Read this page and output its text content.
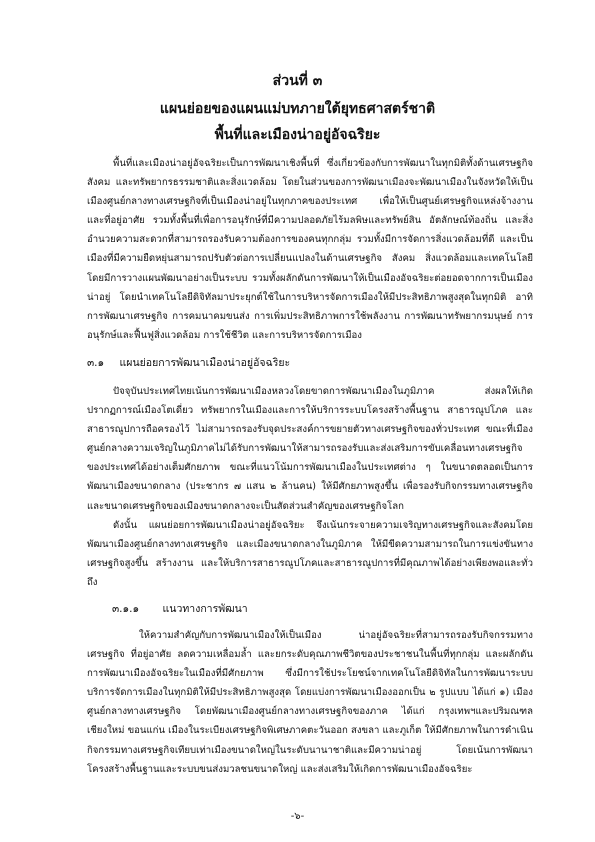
ส่วนที่ ๓
แผนย่อยของแผนแม่บทภายใต้ยุทธศาสตร์ชาติ
พื้นที่และเมืองน่าอยู่อัจฉริยะ

พื้นที่และเมืองน่าอยู่อัจฉริยะเป็นการพัฒนาเชิงพื้นที่ ซึ่งเกี่ยวข้องกับการพัฒนาในทุกมิติทั้งด้านเศรษฐกิจ สังคม และทรัพยากรธรรมชาติและสิ่งแวดล้อม โดยในส่วนของการพัฒนาเมืองจะพัฒนาเมืองในจังหวัดให้เป็นเมืองศูนย์กลางทางเศรษฐกิจที่เป็นเมืองน่าอยู่ในทุกภาคของประเทศ เพื่อให้เป็นศูนย์เศรษฐกิจแหล่งจ้างงาน และที่อยู่อาศัย รวมทั้งพื้นที่เพื่อการอนุรักษ์ที่มีความปลอดภัยไร้มลพิษและทรัพย์สิน อัตลักษณ์ท้องถิ่น และสิ่งอำนวยความสะดวกที่สามารถรองรับความต้องการของคนทุกกลุ่ม รวมทั้งมีการจัดการสิ่งแวดล้อมที่ดี และเป็นเมืองที่มีความยืดหยุ่นสามารถปรับตัวต่อการเปลี่ยนแปลงในด้านเศรษฐกิจ สังคม สิ่งแวดล้อมและเทคโนโลยี โดยมีการวางแผนพัฒนาอย่างเป็นระบบ รวมทั้งผลักดันการพัฒนาให้เป็นเมืองอัจฉริยะต่อยอดจากการเป็นเมืองน่าอยู่ โดยนำเทคโนโลยีดิจิทัลมาประยุกต์ใช้ในการบริหารจัดการเมืองให้มีประสิทธิภาพสูงสุดในทุกมิติ อาทิ การพัฒนาเศรษฐกิจ การคมนาคมขนส่ง การเพิ่มประสิทธิภาพการใช้พลังงาน การพัฒนาทรัพยากรมนุษย์ การอนุรักษ์และฟื้นฟูสิ่งแวดล้อม การใช้ชีวิต และการบริหารจัดการเมือง

๓.๑ แผนย่อยการพัฒนาเมืองน่าอยู่อัจฉริยะ

ปัจจุบันประเทศไทยเน้นการพัฒนาเมืองหลวงโดยขาดการพัฒนาเมืองในภูมิภาค ส่งผลให้เกิดปรากฏการณ์เมืองโตเดี่ยว ทรัพยากรในเมืองและการให้บริการระบบโครงสร้างพื้นฐาน สาธารณูปโภค และสาธารณูปการถือครองไว้ ไม่สามารถรองรับจุดประสงค์การขยายตัวทางเศรษฐกิจของทั่วประเทศ ขณะที่เมืองศูนย์กลางความเจริญในภูมิภาคไม่ได้รับการพัฒนาให้สามารถรองรับและส่งเสริมการขับเคลื่อนทางเศรษฐกิจของประเทศได้อย่างเต็มศักยภาพ ขณะที่แนวโน้มการพัฒนาเมืองในประเทศต่าง ๆ ในขนาดตลอดเป็นการพัฒนาเมืองขนาดกลาง (ประชากร ๗ แสน ๒ ล้านคน) ให้มีศักยภาพสูงขึ้น เพื่อรองรับกิจกรรมทางเศรษฐกิจ และขนาดเศรษฐกิจของเมืองขนาดกลางจะเป็นสัดส่วนสำคัญของเศรษฐกิจโลก

ดังนั้น แผนย่อยการพัฒนาเมืองน่าอยู่อัจฉริยะ จึงเน้นกระจายความเจริญทางเศรษฐกิจและสังคมโดยพัฒนาเมืองศูนย์กลางทางเศรษฐกิจ และเมืองขนาดกลางในภูมิภาค ให้มีขีดความสามารถในการแข่งขันทางเศรษฐกิจสูงขึ้น สร้างงาน และให้บริการสาธารณูปโภคและสาธารณูปการที่มีคุณภาพได้อย่างเพียงพอและทั่วถึง

๓.๑.๑ แนวทางการพัฒนา

ให้ความสำคัญกับการพัฒนาเมืองให้เป็นเมือง น่าอยู่อัจฉริยะที่สามารถรองรับกิจกรรมทางเศรษฐกิจ ที่อยู่อาศัย ลดความเหลื่อมล้ำ และยกระดับคุณภาพชีวิตของประชาชนในพื้นที่ทุกกลุ่ม และผลักดันการพัฒนาเมืองอัจฉริยะในเมืองที่มีศักยภาพ ซึ่งมีการใช้ประโยชน์จากเทคโนโลยีดิจิทัลในการพัฒนาระบบบริการจัดการเมืองในทุกมิติให้มีประสิทธิภาพสูงสุด โดยแบ่งการพัฒนาเมืองออกเป็น ๒ รูปแบบ ได้แก่ ๑) เมืองศูนย์กลางทางเศรษฐกิจ โดยพัฒนาเมืองศูนย์กลางทางเศรษฐกิจของภาค ได้แก่ กรุงเทพฯและปริมณฑล เชียงใหม่ ขอนแก่น เมืองในระเบียงเศรษฐกิจพิเศษภาคตะวันออก สงขลา และภูเก็ต ให้มีศักยภาพในการดำเนินกิจกรรมทางเศรษฐกิจเทียบเท่าเมืองขนาดใหญ่ในระดับนานาชาติและมีความน่าอยู่ โดยเน้นการพัฒนาโครงสร้างพื้นฐานและระบบขนส่งมวลชนขนาดใหญ่ และส่งเสริมให้เกิดการพัฒนาเมืองอัจฉริยะ

-๖-
